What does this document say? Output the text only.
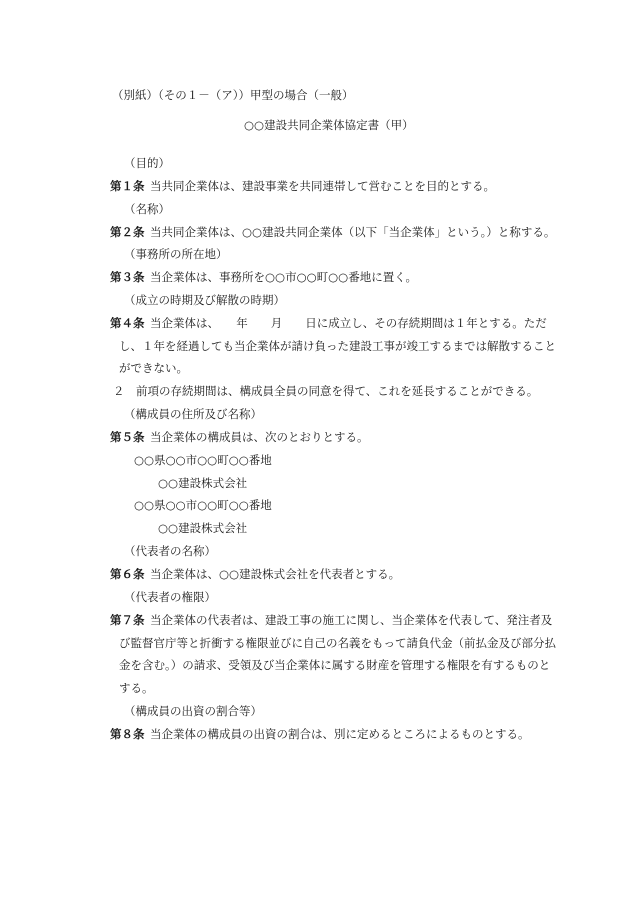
（別紙）（その１－（ア））甲型の場合（一般）
○○建設共同企業体協定書（甲）
（目的）
第１条 当共同企業体は、建設事業を共同連帯して営むことを目的とする。
（名称）
第２条 当共同企業体は、○○建設共同企業体（以下「当企業体」という。）と称する。
（事務所の所在地）
第３条 当企業体は、事務所を○○市○○町○○番地に置く。
（成立の時期及び解散の時期）
第４条 当企業体は、　　年　　月　　日に成立し、その存続期間は１年とする。ただ
し、１年を経過しても当企業体が請け負った建設工事が竣工するまでは解散すること
ができない。
２　前項の存続期間は、構成員全員の同意を得て、これを延長することができる。
（構成員の住所及び名称）
第５条 当企業体の構成員は、次のとおりとする。
○○県○○市○○町○○番地
○○建設株式会社
○○県○○市○○町○○番地
○○建設株式会社
（代表者の名称）
第６条 当企業体は、○○建設株式会社を代表者とする。
（代表者の権限）
第７条 当企業体の代表者は、建設工事の施工に関し、当企業体を代表して、発注者及
び監督官庁等と折衝する権限並びに自己の名義をもって請負代金（前払金及び部分払
金を含む。）の請求、受領及び当企業体に属する財産を管理する権限を有するものと
する。
（構成員の出資の割合等）
第８条 当企業体の構成員の出資の割合は、別に定めるところによるものとする。
